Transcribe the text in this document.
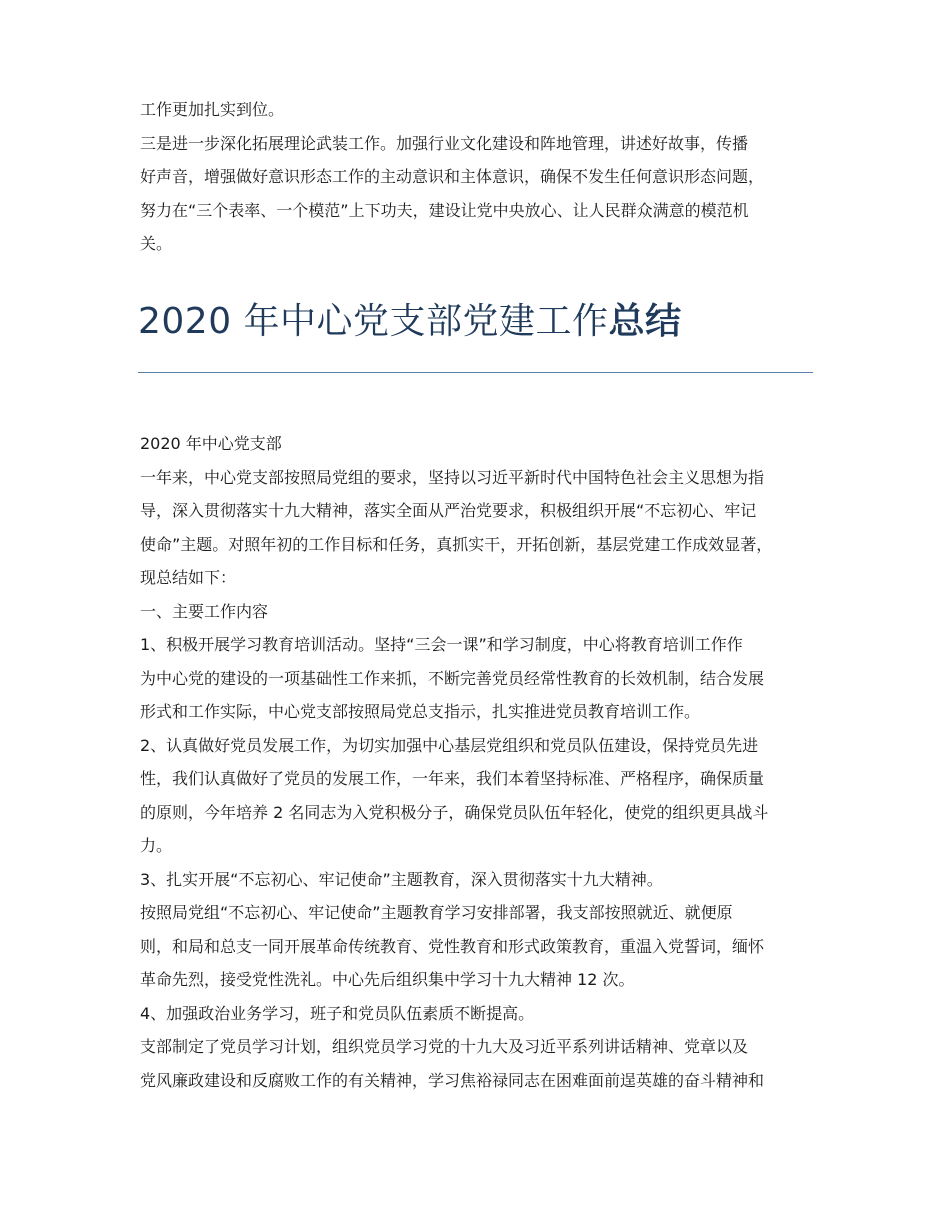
工作更加扎实到位。
三是进一步深化拓展理论武装工作。加强行业文化建设和阵地管理，讲述好故事，传播
好声音，增强做好意识形态工作的主动意识和主体意识，确保不发生任何意识形态问题，
努力在“三个表率、一个模范”上下功夫，建设让党中央放心、让人民群众满意的模范机
关。
2020 年中心党支部党建工作总结
2020 年中心党支部
一年来，中心党支部按照局党组的要求，坚持以习近平新时代中国特色社会主义思想为指
导，深入贯彻落实十九大精神，落实全面从严治党要求，积极组织开展“不忘初心、牢记
使命”主题。对照年初的工作目标和任务，真抓实干，开拓创新，基层党建工作成效显著，
现总结如下：
一、主要工作内容
1、积极开展学习教育培训活动。坚持“三会一课”和学习制度，中心将教育培训工作作
为中心党的建设的一项基础性工作来抓，不断完善党员经常性教育的长效机制，结合发展
形式和工作实际，中心党支部按照局党总支指示，扎实推进党员教育培训工作。
2、认真做好党员发展工作，为切实加强中心基层党组织和党员队伍建设，保持党员先进
性，我们认真做好了党员的发展工作，一年来，我们本着坚持标准、严格程序，确保质量
的原则，今年培养 2 名同志为入党积极分子，确保党员队伍年轻化，使党的组织更具战斗
力。
3、扎实开展“不忘初心、牢记使命”主题教育，深入贯彻落实十九大精神。
按照局党组“不忘初心、牢记使命”主题教育学习安排部署，我支部按照就近、就便原
则，和局和总支一同开展革命传统教育、党性教育和形式政策教育，重温入党誓词，缅怀
革命先烈，接受党性洗礼。中心先后组织集中学习十九大精神 12 次。
4、加强政治业务学习，班子和党员队伍素质不断提高。
支部制定了党员学习计划，组织党员学习党的十九大及习近平系列讲话精神、党章以及
党风廉政建设和反腐败工作的有关精神，学习焦裕禄同志在困难面前逞英雄的奋斗精神和
